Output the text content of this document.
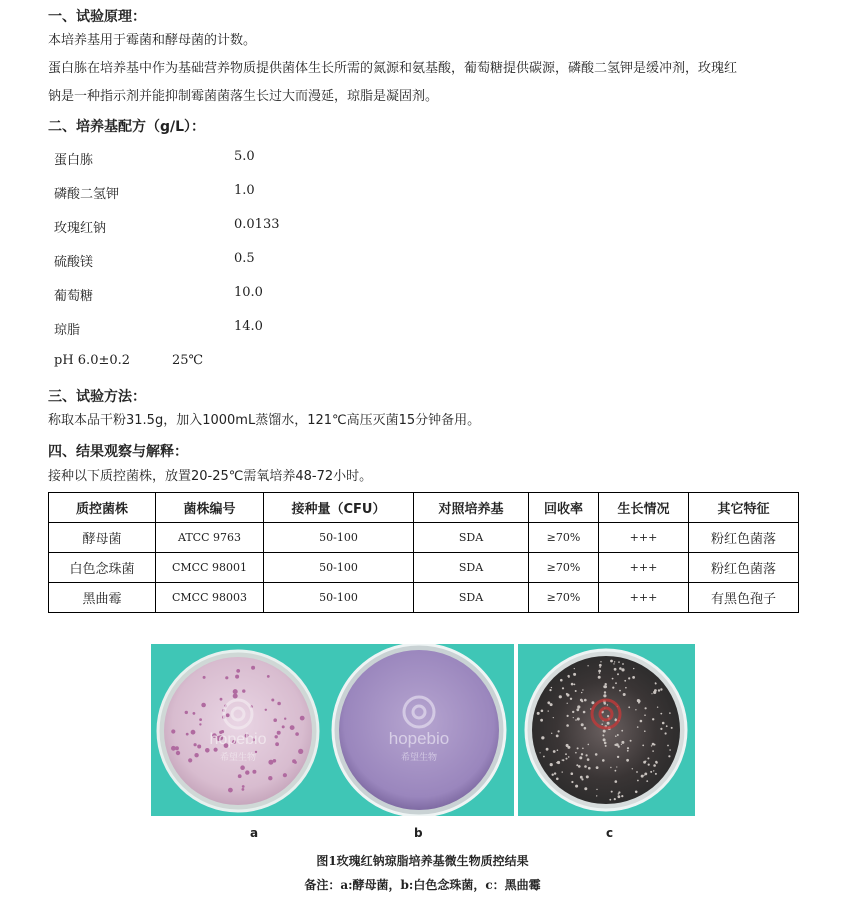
一、试验原理：
本培养基用于霉菌和酵母菌的计数。
蛋白胨在培养基中作为基础营养物质提供菌体生长所需的氮源和氨基酸，葡萄糖提供碳源，磷酸二氢钾是缓冲剂，玫瑰红
钠是一种指示剂并能抑制霉菌菌落生长过大而漫延，琼脂是凝固剂。
二、培养基配方（g/L）：
蛋白胨	5.0
磷酸二氢钾	1.0
玫瑰红钠	0.0133
硫酸镁	0.5
葡萄糖	10.0
琼脂	14.0
pH 6.0±0.2	25℃
三、试验方法：
称取本品干粉31.5g，加入1000mL蒸馏水，121℃高压灭菌15分钟备用。
四、结果观察与解释：
接种以下质控菌株，放置20-25℃需氧培养48-72小时。
质控菌株	菌株编号	接种量（CFU）	对照培养基	回收率	生长情况	其它特征
酵母菌	ATCC 9763	50-100	SDA	≥70%	+++	粉红色菌落
白色念珠菌	CMCC 98001	50-100	SDA	≥70%	+++	粉红色菌落
黑曲霉	CMCC 98003	50-100	SDA	≥70%	+++	有黑色孢子
hopebio
希望生物
hopebio
希望生物
a	b	c
图1玫瑰红钠琼脂培养基微生物质控结果
备注：a:酵母菌，b:白色念珠菌，c：黑曲霉
